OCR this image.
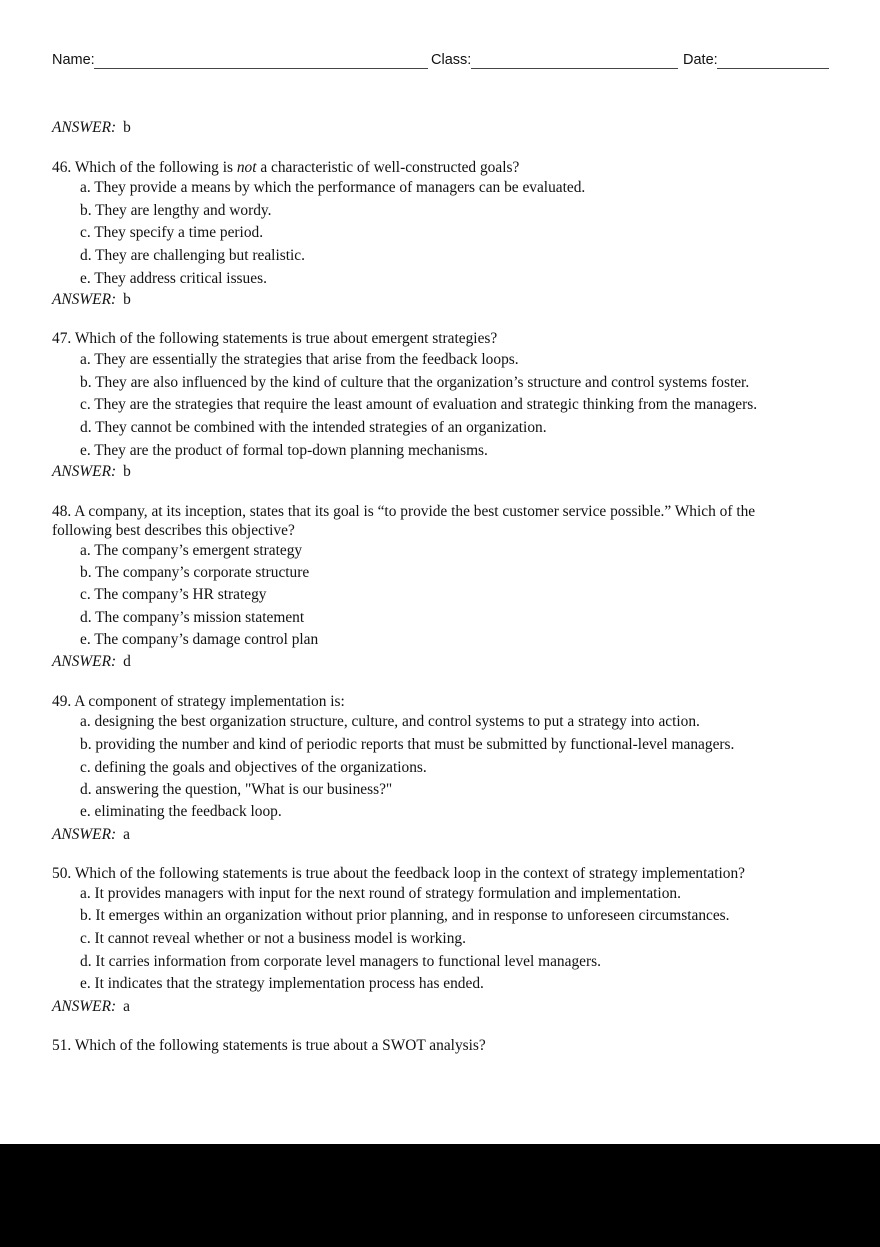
Name:	Class:	Date:
ANSWER: b
46. Which of the following is not a characteristic of well-constructed goals?
a. They provide a means by which the performance of managers can be evaluated.
b. They are lengthy and wordy.
c. They specify a time period.
d. They are challenging but realistic.
e. They address critical issues.
ANSWER: b
47. Which of the following statements is true about emergent strategies?
a. They are essentially the strategies that arise from the feedback loops.
b. They are also influenced by the kind of culture that the organization’s structure and control systems foster.
c. They are the strategies that require the least amount of evaluation and strategic thinking from the managers.
d. They cannot be combined with the intended strategies of an organization.
e. They are the product of formal top-down planning mechanisms.
ANSWER: b
48. A company, at its inception, states that its goal is “to provide the best customer service possible.” Which of the
following best describes this objective?
a. The company’s emergent strategy
b. The company’s corporate structure
c. The company’s HR strategy
d. The company’s mission statement
e. The company’s damage control plan
ANSWER: d
49. A component of strategy implementation is:
a. designing the best organization structure, culture, and control systems to put a strategy into action.
b. providing the number and kind of periodic reports that must be submitted by functional-level managers.
c. defining the goals and objectives of the organizations.
d. answering the question, "What is our business?"
e. eliminating the feedback loop.
ANSWER: a
50. Which of the following statements is true about the feedback loop in the context of strategy implementation?
a. It provides managers with input for the next round of strategy formulation and implementation.
b. It emerges within an organization without prior planning, and in response to unforeseen circumstances.
c. It cannot reveal whether or not a business model is working.
d. It carries information from corporate level managers to functional level managers.
e. It indicates that the strategy implementation process has ended.
ANSWER: a
51. Which of the following statements is true about a SWOT analysis?
